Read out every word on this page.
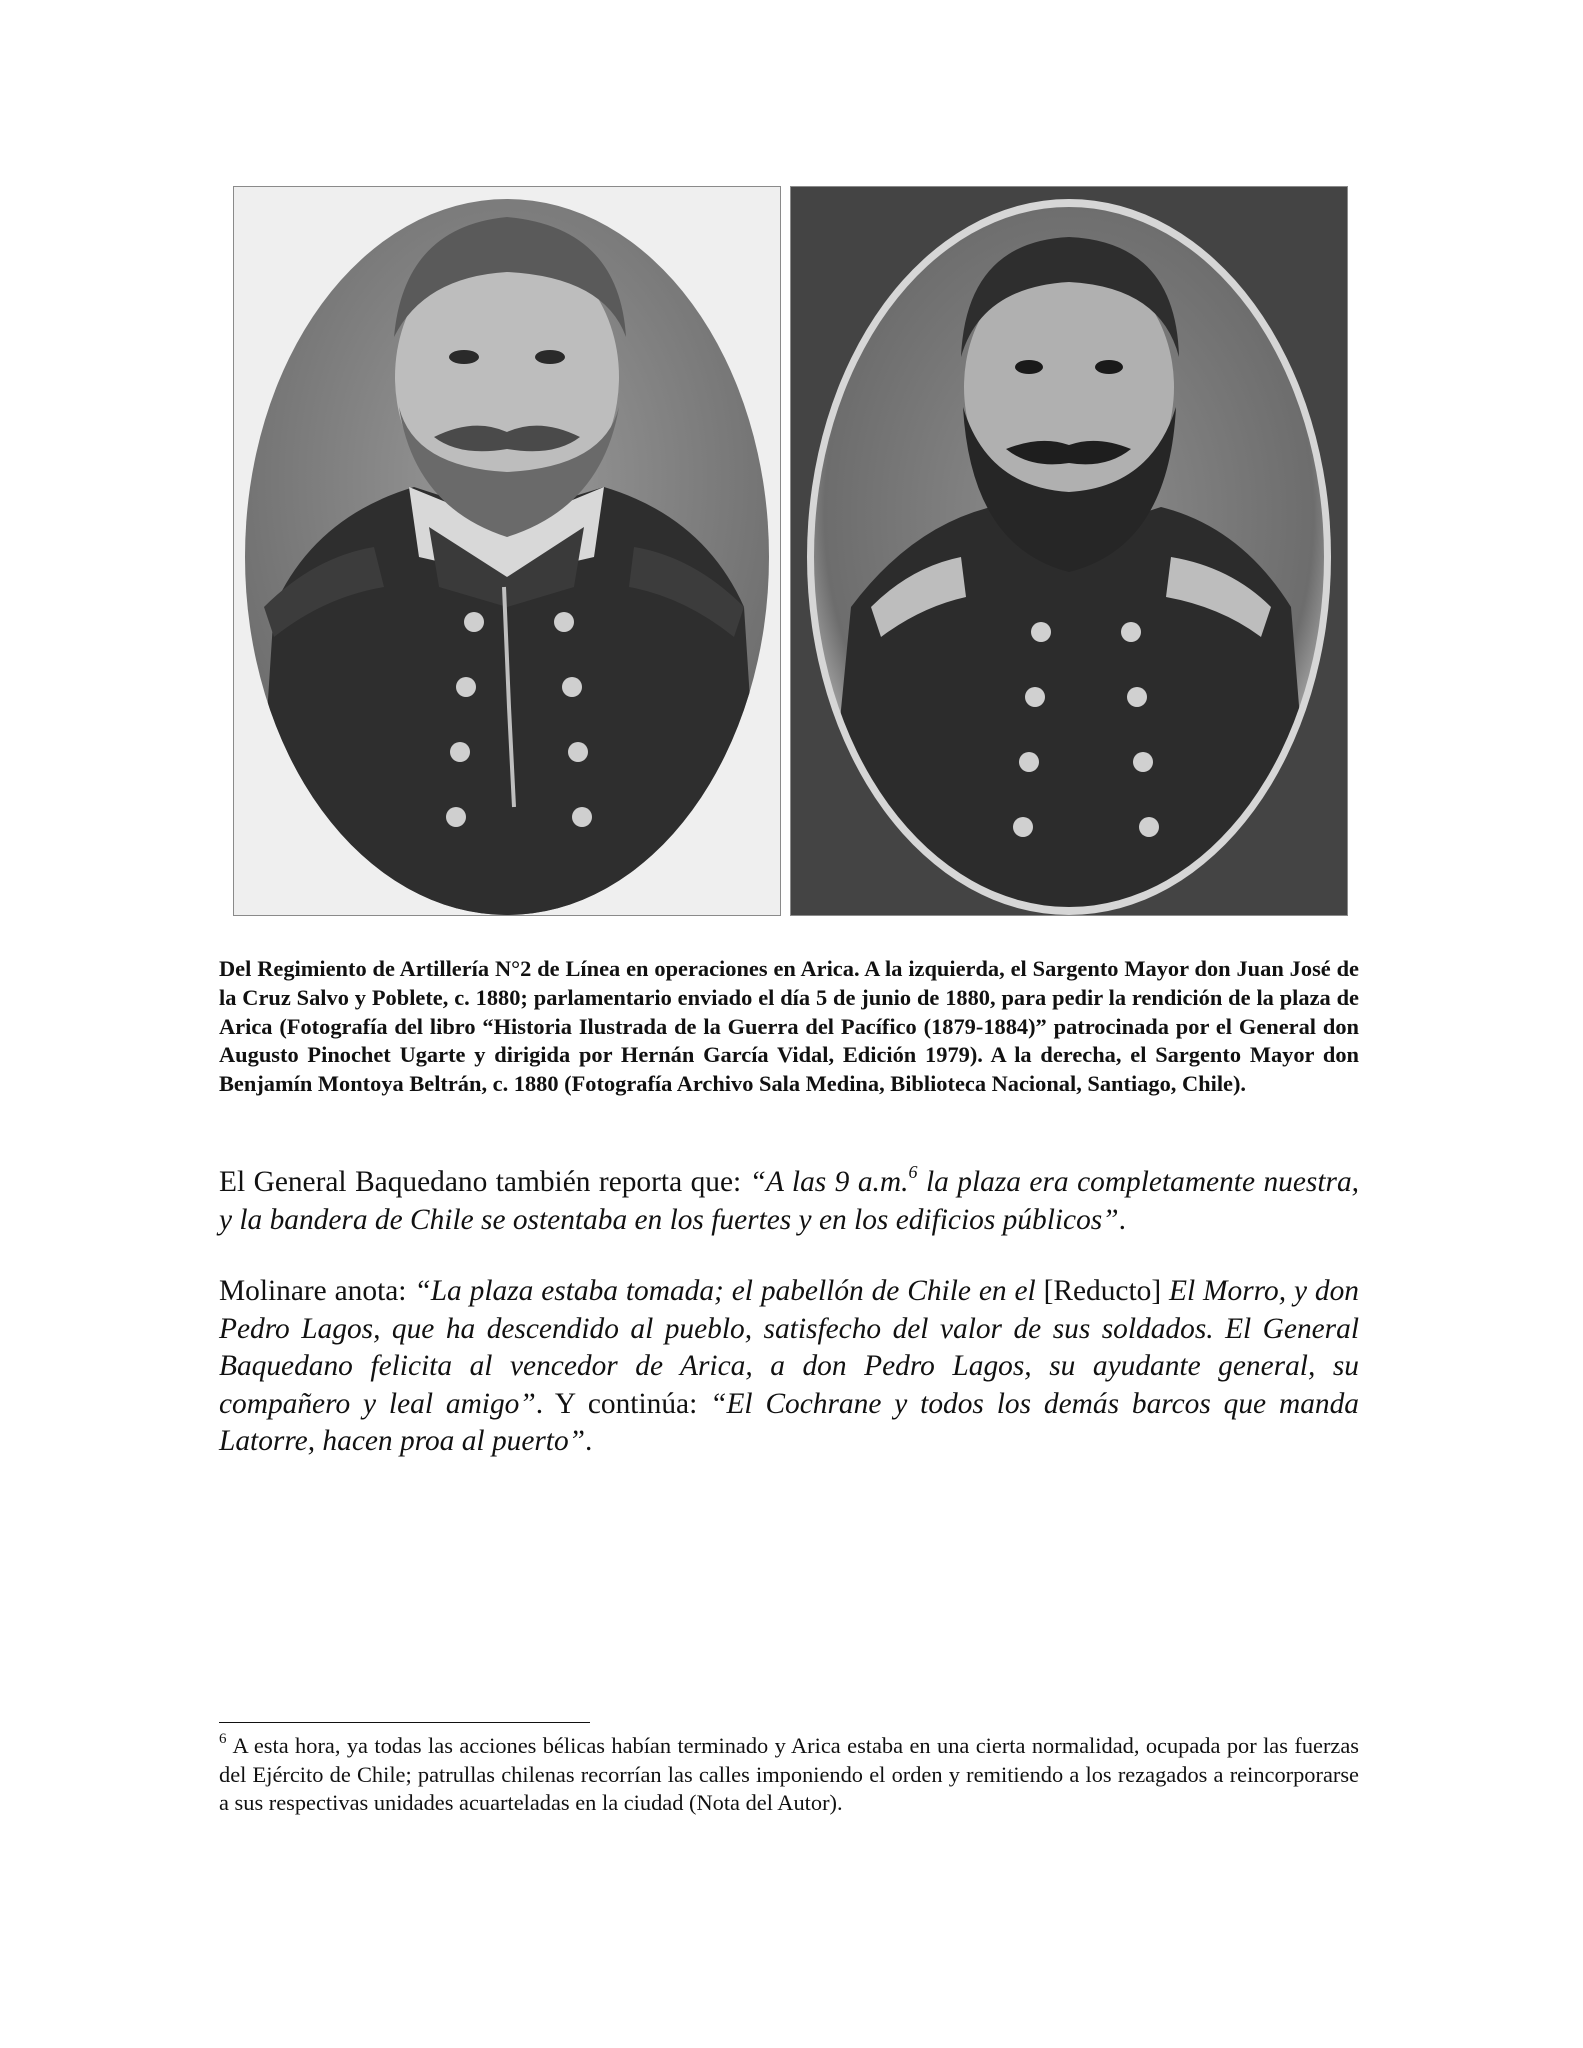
Del Regimiento de Artillería N°2 de Línea en operaciones en Arica. A la izquierda, el Sargento Mayor don Juan José de la Cruz Salvo y Poblete, c. 1880; parlamentario enviado el día 5 de junio de 1880, para pedir la rendición de la plaza de Arica (Fotografía del libro “Historia Ilustrada de la Guerra del Pacífico (1879-1884)” patrocinada por el General don Augusto Pinochet Ugarte y dirigida por Hernán García Vidal, Edición 1979). A la derecha, el Sargento Mayor don Benjamín Montoya Beltrán, c. 1880 (Fotografía Archivo Sala Medina, Biblioteca Nacional, Santiago, Chile).

El General Baquedano también reporta que: “A las 9 a.m.$^6$ la plaza era completamente nuestra, y la bandera de Chile se ostentaba en los fuertes y en los edificios públicos”.

Molinare anota: “La plaza estaba tomada; el pabellón de Chile en el [Reducto] El Morro, y don Pedro Lagos, que ha descendido al pueblo, satisfecho del valor de sus soldados. El General Baquedano felicita al vencedor de Arica, a don Pedro Lagos, su ayudante general, su compañero y leal amigo”. Y continúa: “El Cochrane y todos los demás barcos que manda Latorre, hacen proa al puerto”.

$^6$ A esta hora, ya todas las acciones bélicas habían terminado y Arica estaba en una cierta normalidad, ocupada por las fuerzas del Ejército de Chile; patrullas chilenas recorrían las calles imponiendo el orden y remitiendo a los rezagados a reincorporarse a sus respectivas unidades acuarteladas en la ciudad (Nota del Autor).
